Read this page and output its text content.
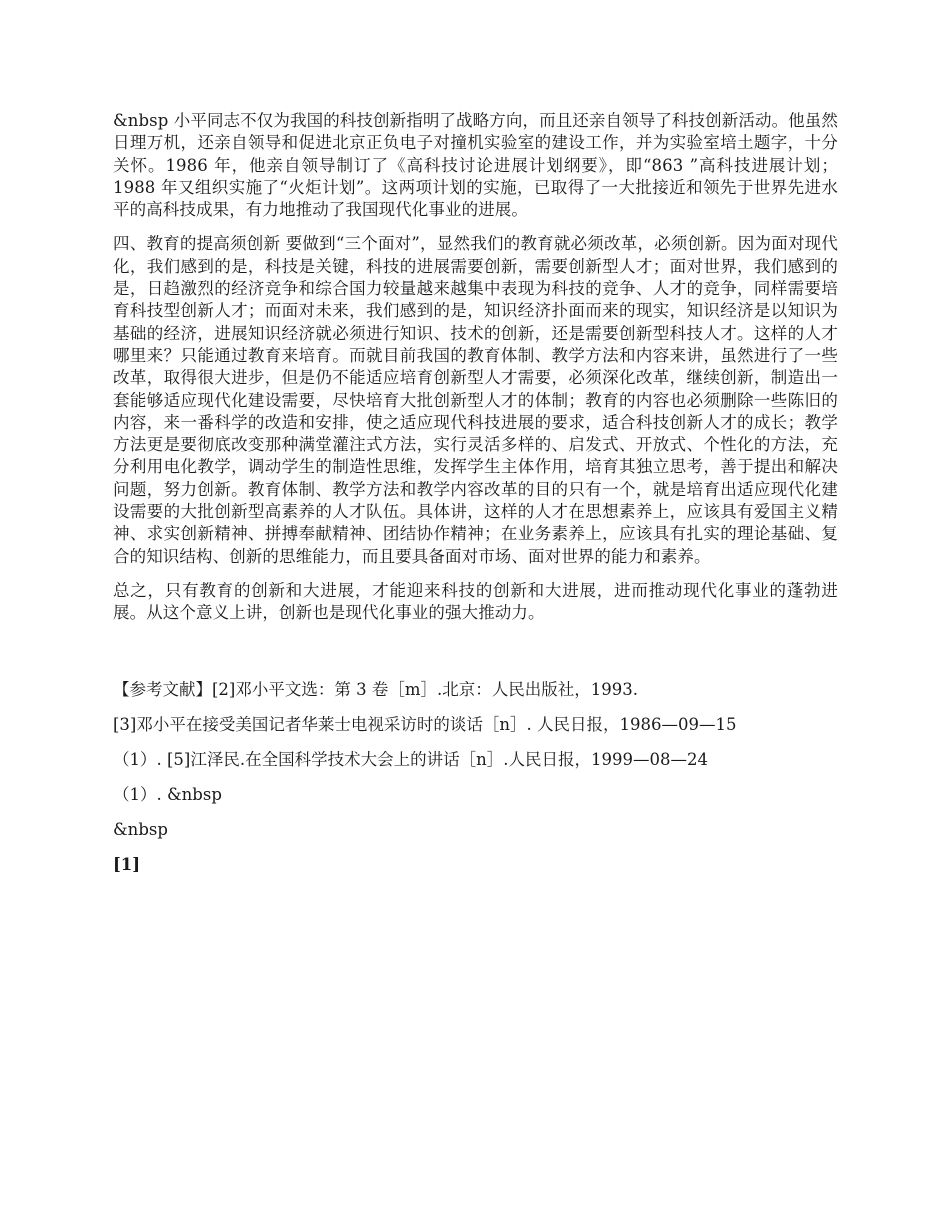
&nbsp 小平同志不仅为我国的科技创新指明了战略方向，而且还亲自领导了科技创新活动。他虽然日理万机，还亲自领导和促进北京正负电子对撞机实验室的建设工作，并为实验室培土题字，十分关怀。1986 年，他亲自领导制订了《高科技讨论进展计划纲要》，即“863 ”高科技进展计划；1988 年又组织实施了“火炬计划”。这两项计划的实施，已取得了一大批接近和领先于世界先进水平的高科技成果，有力地推动了我国现代化事业的进展。

四、教育的提高须创新 要做到“三个面对”，显然我们的教育就必须改革，必须创新。因为面对现代化，我们感到的是，科技是关键，科技的进展需要创新，需要创新型人才；面对世界，我们感到的是，日趋激烈的经济竞争和综合国力较量越来越集中表现为科技的竞争、人才的竞争，同样需要培育科技型创新人才；而面对未来，我们感到的是，知识经济扑面而来的现实，知识经济是以知识为基础的经济，进展知识经济就必须进行知识、技术的创新，还是需要创新型科技人才。这样的人才哪里来？只能通过教育来培育。而就目前我国的教育体制、教学方法和内容来讲，虽然进行了一些改革，取得很大进步，但是仍不能适应培育创新型人才需要，必须深化改革，继续创新，制造出一套能够适应现代化建设需要，尽快培育大批创新型人才的体制；教育的内容也必须删除一些陈旧的内容，来一番科学的改造和安排，使之适应现代科技进展的要求，适合科技创新人才的成长；教学方法更是要彻底改变那种满堂灌注式方法，实行灵活多样的、启发式、开放式、个性化的方法，充分利用电化教学，调动学生的制造性思维，发挥学生主体作用，培育其独立思考，善于提出和解决问题，努力创新。教育体制、教学方法和教学内容改革的目的只有一个，就是培育出适应现代化建设需要的大批创新型高素养的人才队伍。具体讲，这样的人才在思想素养上，应该具有爱国主义精神、求实创新精神、拼搏奉献精神、团结协作精神；在业务素养上，应该具有扎实的理论基础、复合的知识结构、创新的思维能力，而且要具备面对市场、面对世界的能力和素养。

总之，只有教育的创新和大进展，才能迎来科技的创新和大进展，进而推动现代化事业的蓬勃进展。从这个意义上讲，创新也是现代化事业的强大推动力。

【参考文献】[2]邓小平文选：第 3 卷［m］.北京：人民出版社，1993.

[3]邓小平在接受美国记者华莱士电视采访时的谈话［n］. 人民日报，1986—09—15

（1）. [5]江泽民.在全国科学技术大会上的讲话［n］.人民日报，1999—08—24

（1）. &nbsp

&nbsp

[1]
